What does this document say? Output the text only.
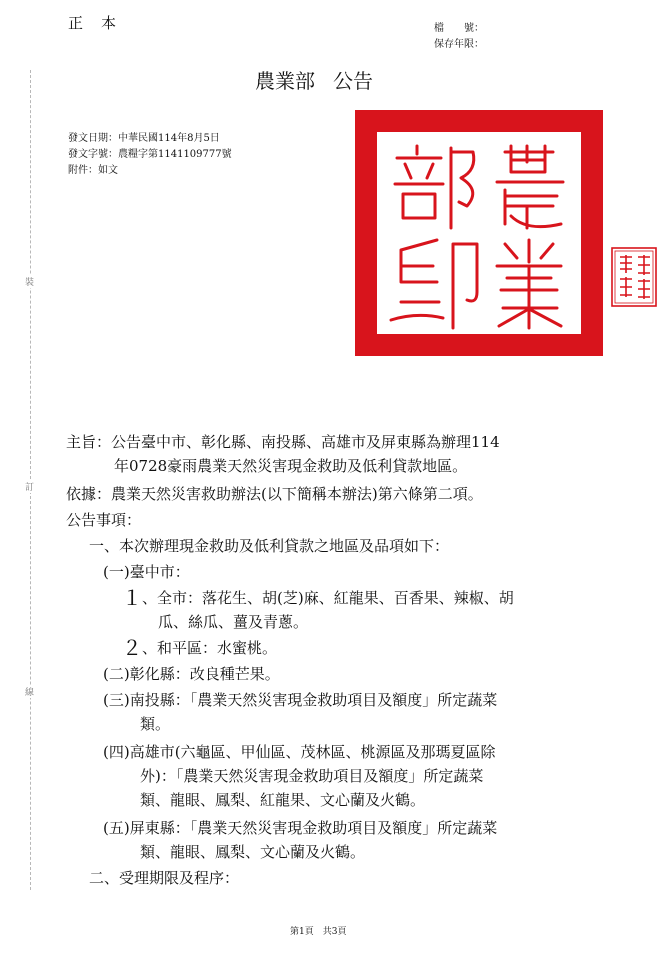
正本	檔　　號：
保存年限：
農業部 公告
發文日期：中華民國114年8月5日
發文字號：農糧字第1141109777號
附件：如文
裝
訂
線
主旨：公告臺中市、彰化縣、南投縣、高雄市及屏東縣為辦理114
年0728豪雨農業天然災害現金救助及低利貸款地區。
依據：農業天然災害救助辦法(以下簡稱本辦法)第六條第二項。
公告事項：
一、本次辦理現金救助及低利貸款之地區及品項如下：
(一)臺中市：
１ 、全市：落花生、胡(芝)麻、紅龍果、百香果、辣椒、胡
瓜、絲瓜、薑及青蔥。
２ 、和平區：水蜜桃。
(二)彰化縣：改良種芒果。
(三)南投縣：「農業天然災害現金救助項目及額度」所定蔬菜
類。
(四)高雄市(六龜區、甲仙區、茂林區、桃源區及那瑪夏區除
外)：「農業天然災害現金救助項目及額度」所定蔬菜
類、龍眼、鳳梨、紅龍果、文心蘭及火鶴。
(五)屏東縣：「農業天然災害現金救助項目及額度」所定蔬菜
類、龍眼、鳳梨、文心蘭及火鶴。
二、受理期限及程序：
第1頁　共3頁
